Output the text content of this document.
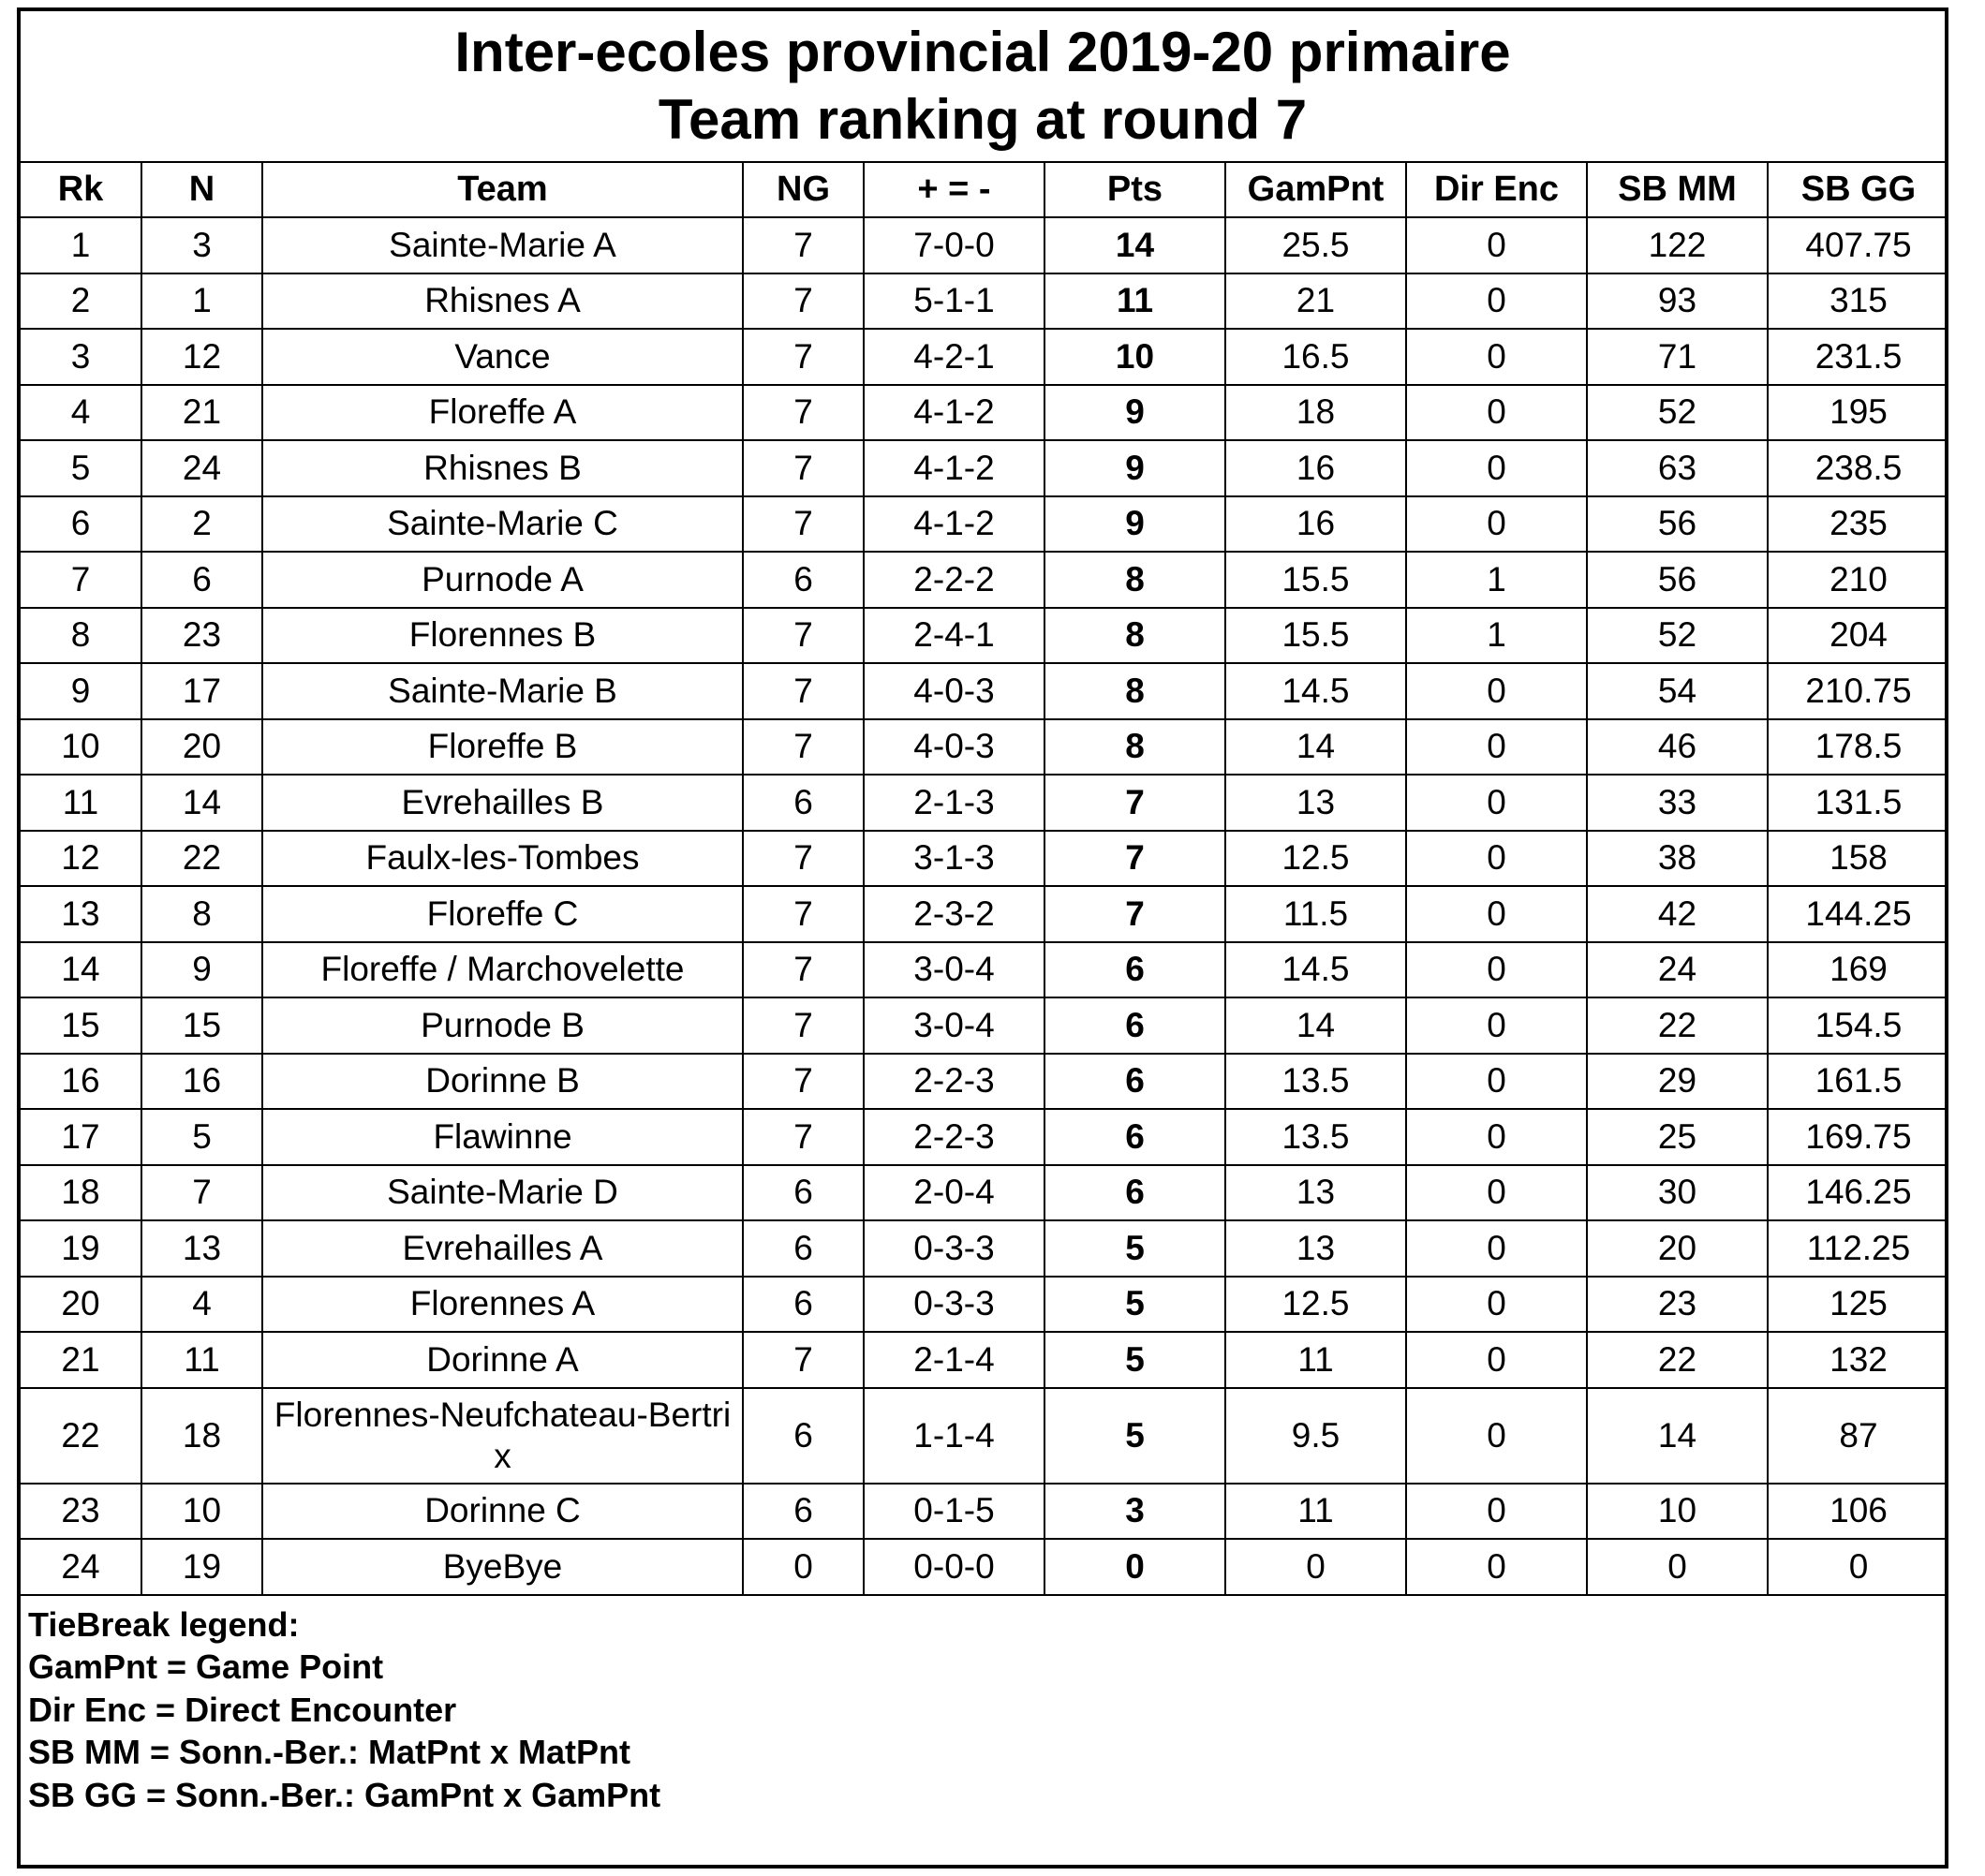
Inter-ecoles provincial 2019-20 primaire
Team ranking at round 7
Rk	N	Team	NG	+ = -	Pts	GamPnt	Dir Enc	SB MM	SB GG
1	3	Sainte-Marie A	7	7-0-0	14	25.5	0	122	407.75
2	1	Rhisnes A	7	5-1-1	11	21	0	93	315
3	12	Vance	7	4-2-1	10	16.5	0	71	231.5
4	21	Floreffe A	7	4-1-2	9	18	0	52	195
5	24	Rhisnes B	7	4-1-2	9	16	0	63	238.5
6	2	Sainte-Marie C	7	4-1-2	9	16	0	56	235
7	6	Purnode A	6	2-2-2	8	15.5	1	56	210
8	23	Florennes B	7	2-4-1	8	15.5	1	52	204
9	17	Sainte-Marie B	7	4-0-3	8	14.5	0	54	210.75
10	20	Floreffe B	7	4-0-3	8	14	0	46	178.5
11	14	Evrehailles B	6	2-1-3	7	13	0	33	131.5
12	22	Faulx-les-Tombes	7	3-1-3	7	12.5	0	38	158
13	8	Floreffe C	7	2-3-2	7	11.5	0	42	144.25
14	9	Floreffe / Marchovelette	7	3-0-4	6	14.5	0	24	169
15	15	Purnode B	7	3-0-4	6	14	0	22	154.5
16	16	Dorinne B	7	2-2-3	6	13.5	0	29	161.5
17	5	Flawinne	7	2-2-3	6	13.5	0	25	169.75
18	7	Sainte-Marie D	6	2-0-4	6	13	0	30	146.25
19	13	Evrehailles A	6	0-3-3	5	13	0	20	112.25
20	4	Florennes A	6	0-3-3	5	12.5	0	23	125
21	11	Dorinne A	7	2-1-4	5	11	0	22	132
22	18	Florennes-Neufchateau-Bertrix	6	1-1-4	5	9.5	0	14	87
23	10	Dorinne C	6	0-1-5	3	11	0	10	106
24	19	ByeBye	0	0-0-0	0	0	0	0	0
TieBreak legend:
GamPnt = Game Point
Dir Enc = Direct Encounter
SB MM = Sonn.-Ber.: MatPnt x MatPnt
SB GG = Sonn.-Ber.: GamPnt x GamPnt
